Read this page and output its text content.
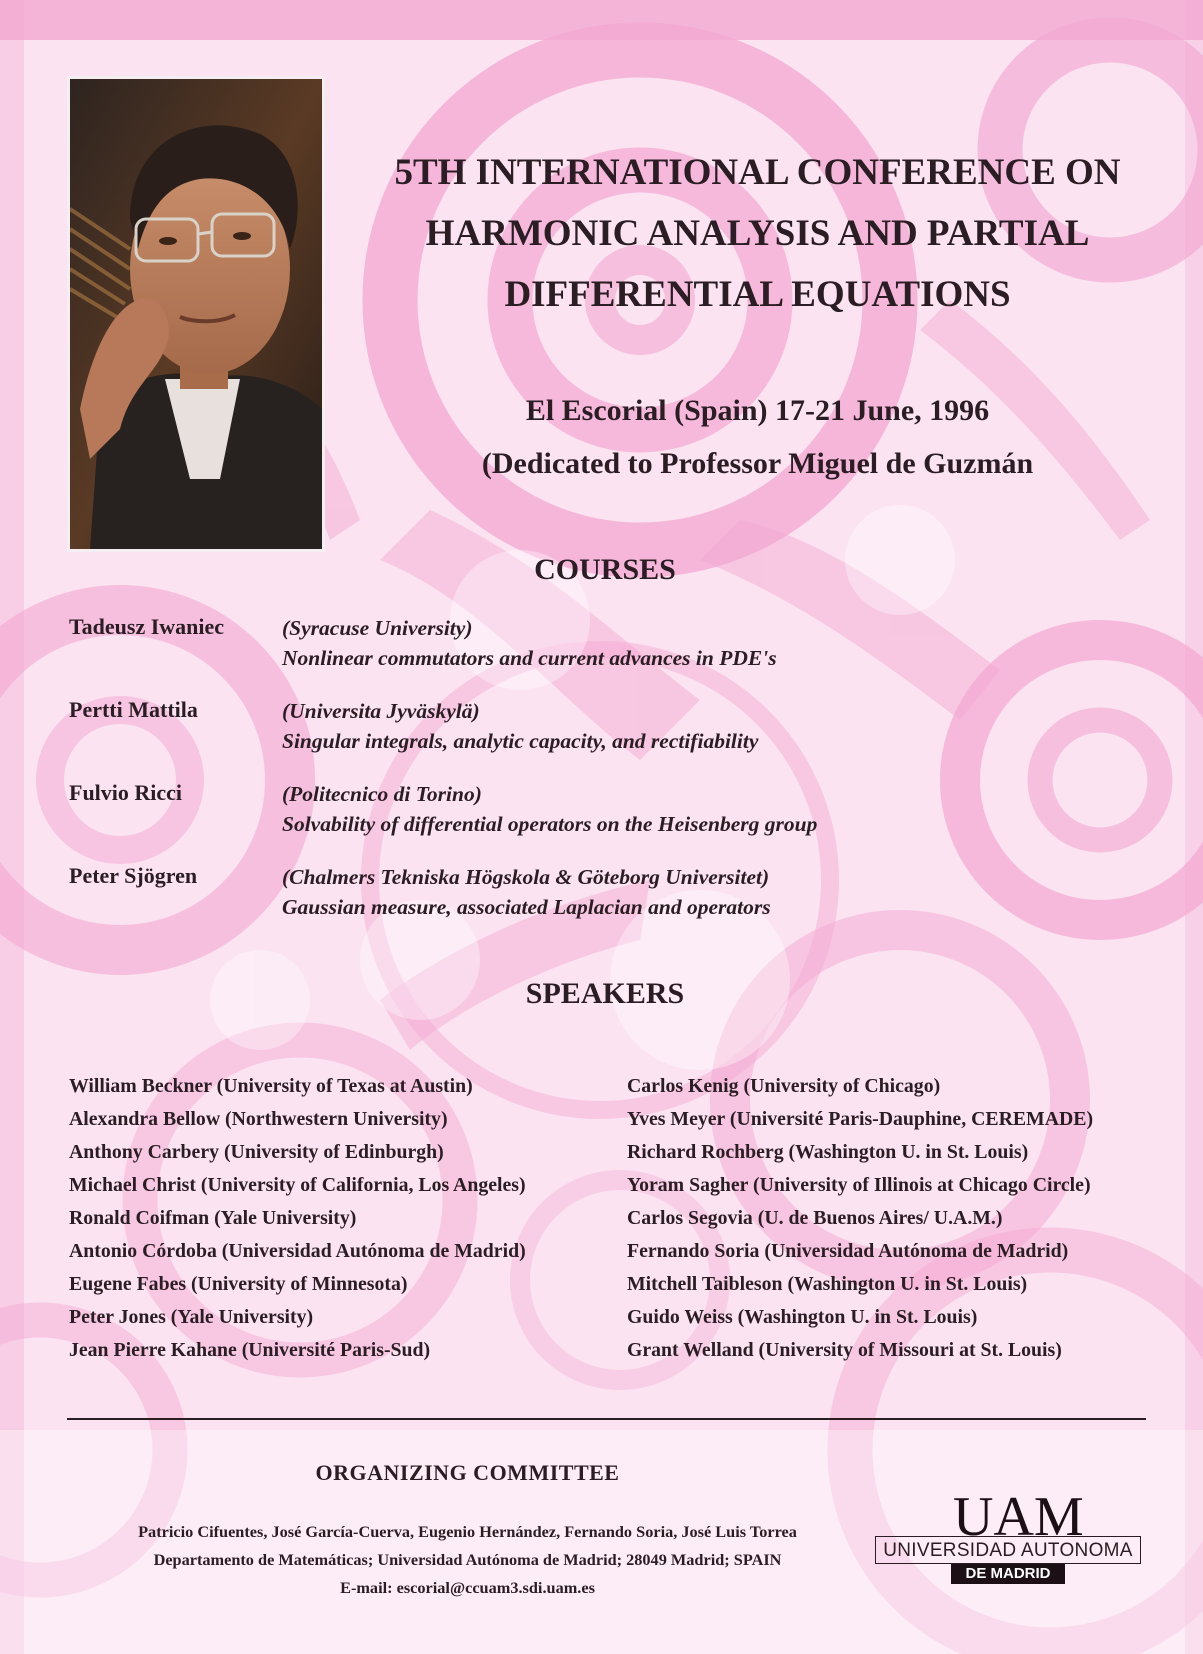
5TH INTERNATIONAL CONFERENCE ON
HARMONIC ANALYSIS AND PARTIAL
DIFFERENTIAL EQUATIONS
El Escorial (Spain) 17-21 June, 1996
(Dedicated to Professor Miguel de Guzmán
COURSES
Tadeusz Iwaniec	(Syracuse University)
Nonlinear commutators and current advances in PDE's
Pertti Mattila	(Universita Jyväskylä)
Singular integrals, analytic capacity, and rectifiability
Fulvio Ricci	(Politecnico di Torino)
Solvability of differential operators on the Heisenberg group
Peter Sjögren	(Chalmers Tekniska Högskola & Göteborg Universitet)
Gaussian measure, associated Laplacian and operators
SPEAKERS
William Beckner (University of Texas at Austin)
Alexandra Bellow (Northwestern University)
Anthony Carbery (University of Edinburgh)
Michael Christ (University of California, Los Angeles)
Ronald Coifman (Yale University)
Antonio Córdoba (Universidad Autónoma de Madrid)
Eugene Fabes (University of Minnesota)
Peter Jones (Yale University)
Jean Pierre Kahane (Université Paris-Sud)
Carlos Kenig (University of Chicago)
Yves Meyer (Université Paris-Dauphine, CEREMADE)
Richard Rochberg (Washington U. in St. Louis)
Yoram Sagher (University of Illinois at Chicago Circle)
Carlos Segovia (U. de Buenos Aires/ U.A.M.)
Fernando Soria (Universidad Autónoma de Madrid)
Mitchell Taibleson (Washington U. in St. Louis)
Guido Weiss (Washington U. in St. Louis)
Grant Welland (University of Missouri at St. Louis)
ORGANIZING COMMITTEE
Patricio Cifuentes, José García-Cuerva, Eugenio Hernández, Fernando Soria, José Luis Torrea
Departamento de Matemáticas; Universidad Autónoma de Madrid; 28049 Madrid; SPAIN
E-mail: escorial@ccuam3.sdi.uam.es
UAM
UNIVERSIDAD AUTONOMA
DE MADRID
